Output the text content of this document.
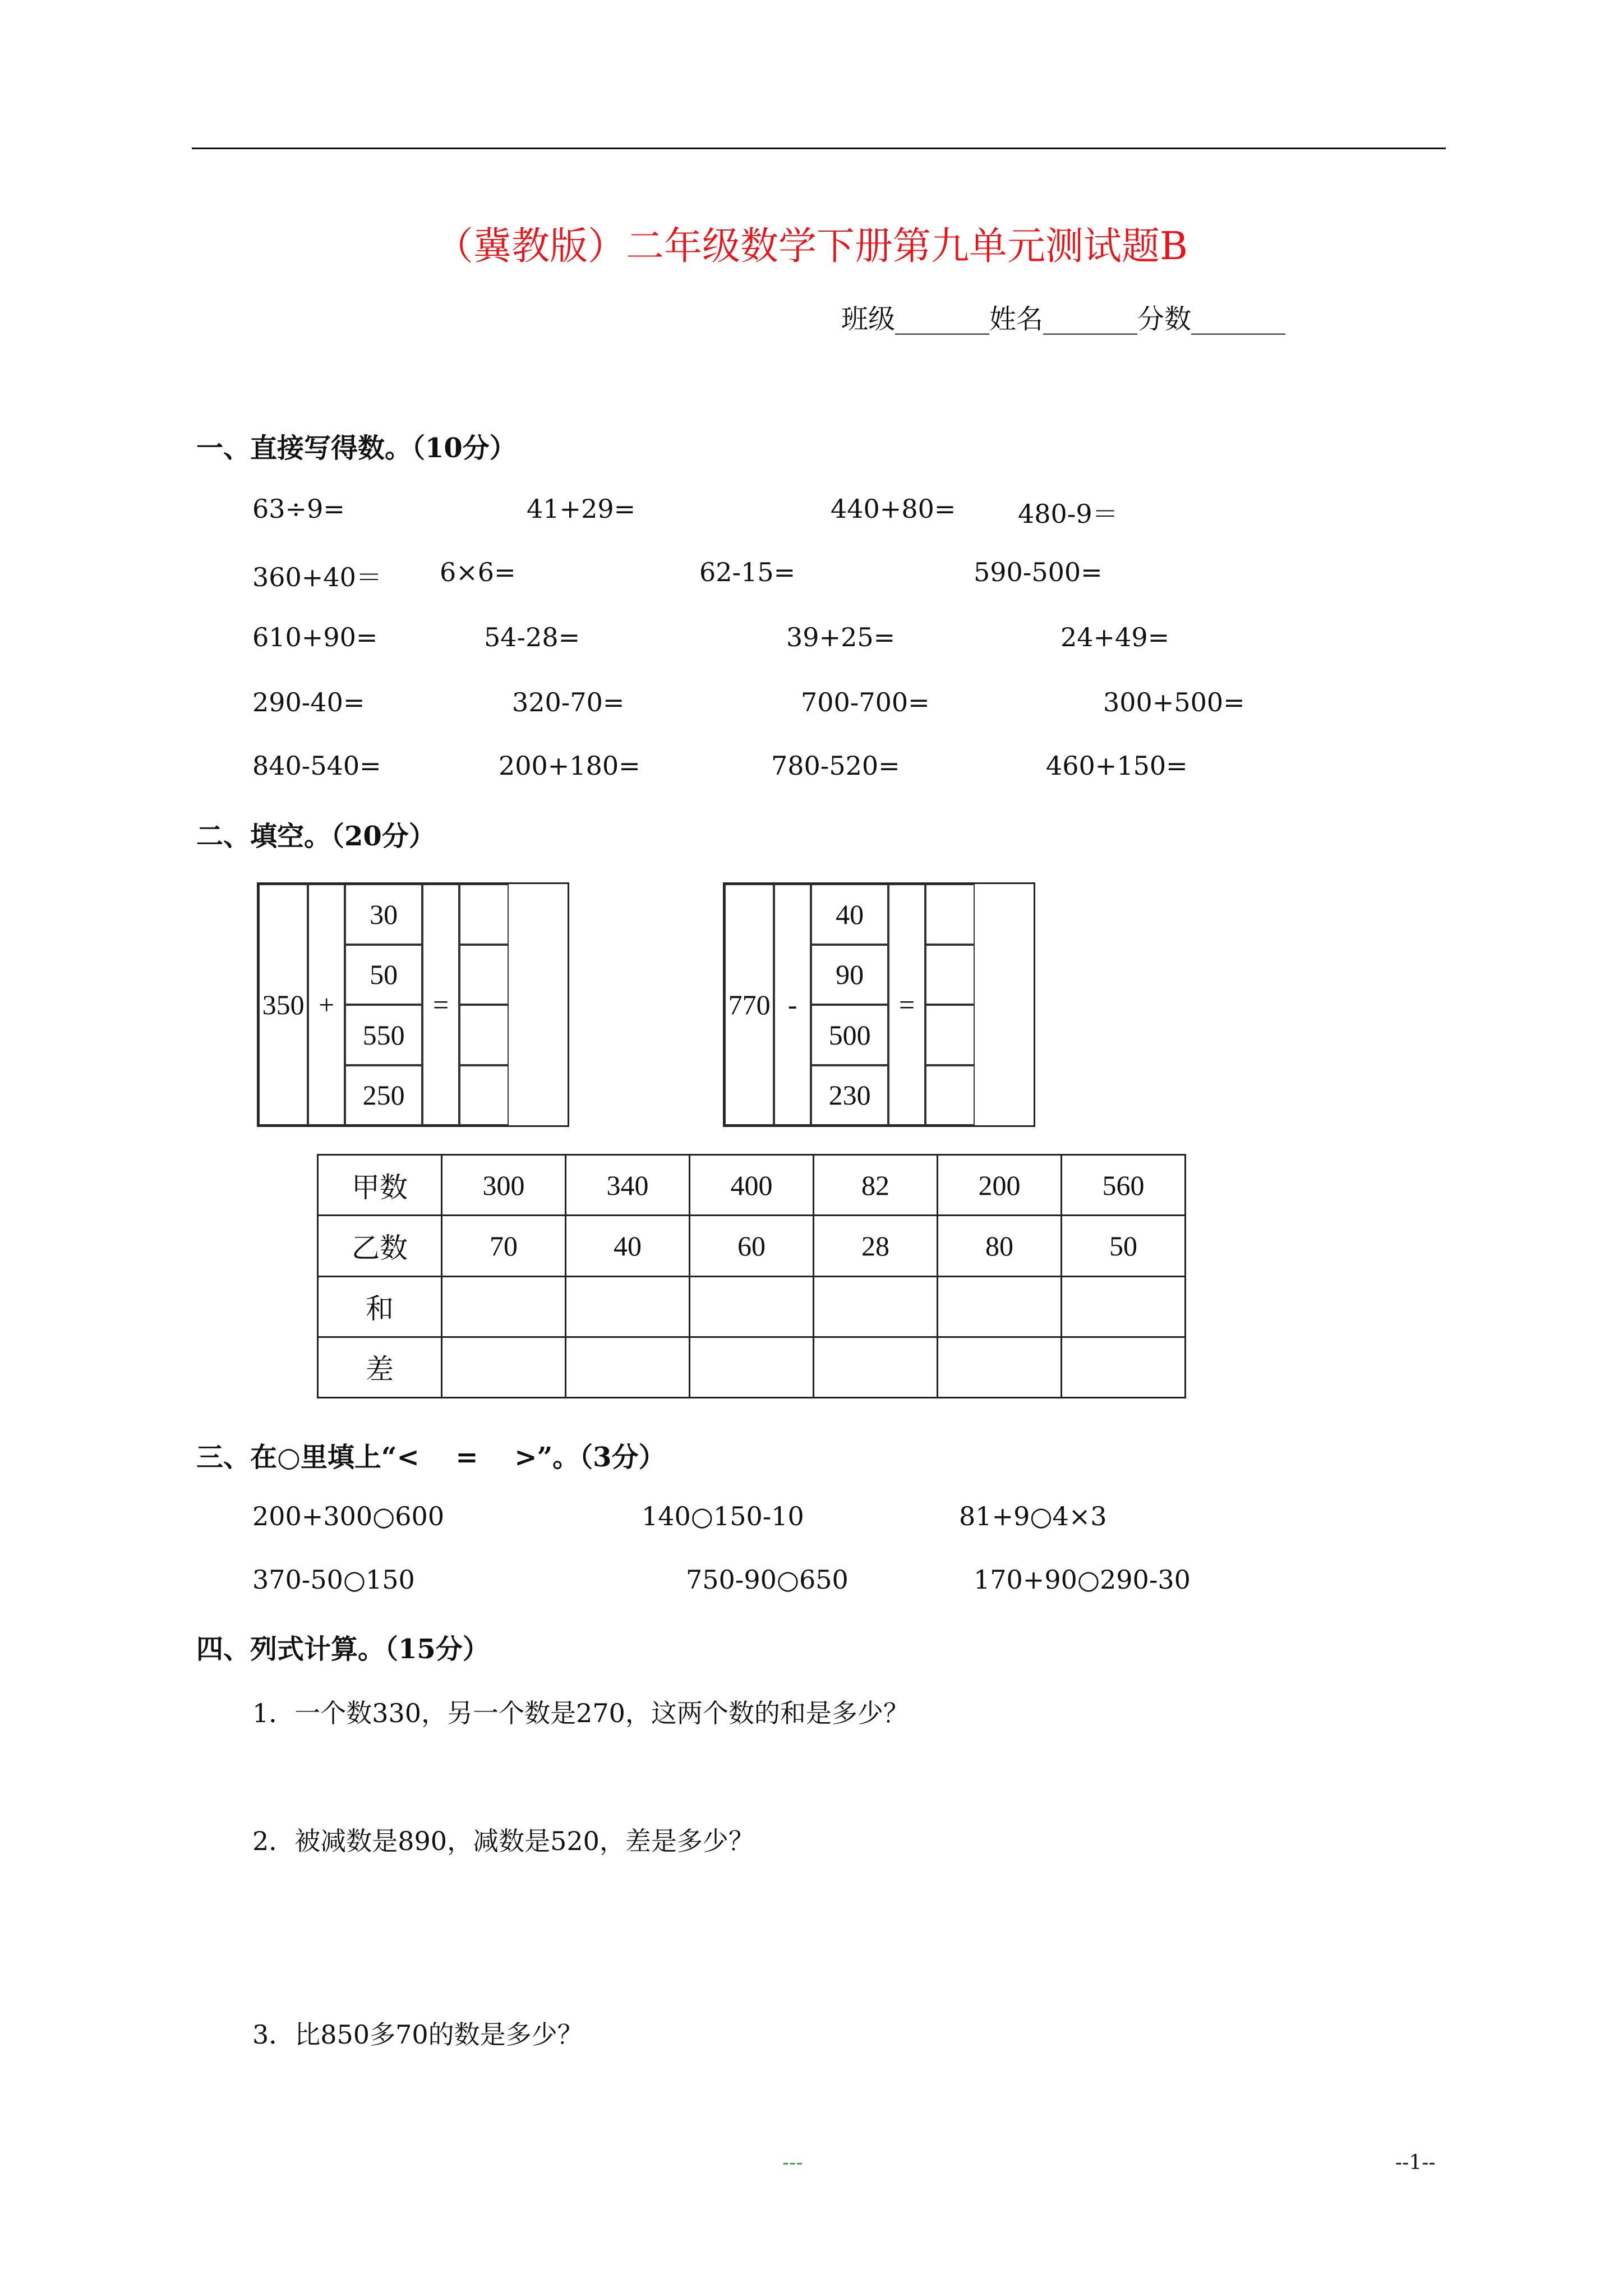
（冀教版）二年级数学下册第九单元测试题B
班级_______姓名_______分数_______
一、直接写得数。（10分）
63÷9=	41+29=	440+80= 480-9＝
360+40＝ 6×6=	62-15=	590-500=
610+90=	54-28=	39+25=	24+49=
290-40=	320-70=	700-700=	300+500=
840-540=	200+180=	780-520=	460+150=
二、填空。（20分）
350 +
30
50
550
250
=	770 -
40
90
500
230
=
甲数	300	340	400	82	200	560
乙数	70	40	60	28	80	50
和						
差						
三、在○里填上“<　 =　 >”。（3分）
200+300○600	140○150-10	81+9○4×3
370-50○150	750-90○650	170+90○290-30
四、列式计算。（15分）
1．一个数330，另一个数是270，这两个数的和是多少？
2．被减数是890，减数是520，差是多少？
3．比850多70的数是多少？
---	--1--
